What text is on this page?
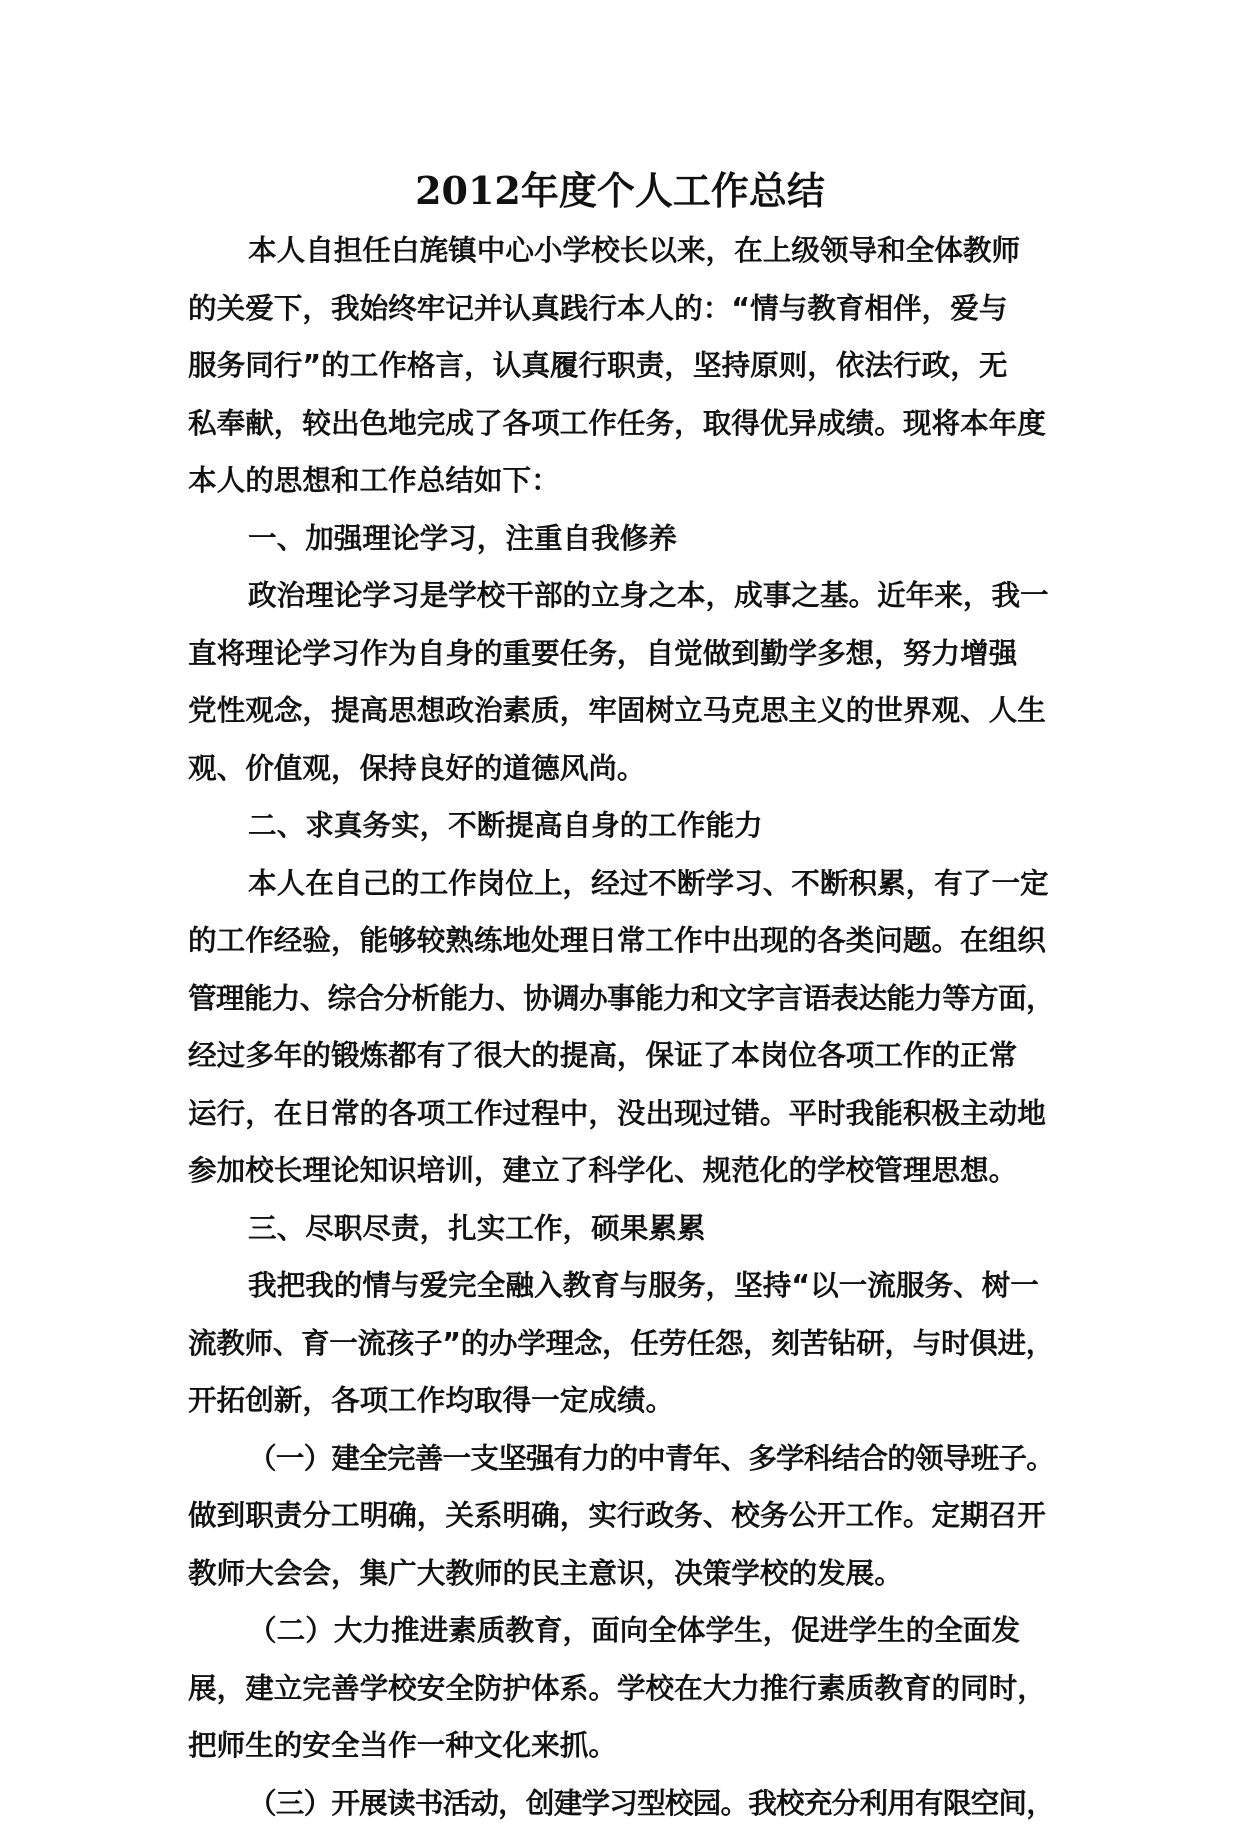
2012年度个人工作总结

本人自担任白旄镇中心小学校长以来，在上级领导和全体教师

的关爱下，我始终牢记并认真践行本人的：“情与教育相伴，爱与

服务同行”的工作格言，认真履行职责，坚持原则，依法行政，无

私奉献，较出色地完成了各项工作任务，取得优异成绩。现将本年度

本人的思想和工作总结如下：

一、加强理论学习，注重自我修养

政治理论学习是学校干部的立身之本，成事之基。近年来，我一

直将理论学习作为自身的重要任务，自觉做到勤学多想，努力增强

党性观念，提高思想政治素质，牢固树立马克思主义的世界观、人生

观、价值观，保持良好的道德风尚。

二、求真务实，不断提高自身的工作能力

本人在自己的工作岗位上，经过不断学习、不断积累，有了一定

的工作经验，能够较熟练地处理日常工作中出现的各类问题。在组织

管理能力、综合分析能力、协调办事能力和文字言语表达能力等方面，

经过多年的锻炼都有了很大的提高，保证了本岗位各项工作的正常

运行，在日常的各项工作过程中，没出现过错。平时我能积极主动地

参加校长理论知识培训，建立了科学化、规范化的学校管理思想。

三、尽职尽责，扎实工作，硕果累累

我把我的情与爱完全融入教育与服务，坚持“以一流服务、树一

流教师、育一流孩子”的办学理念，任劳任怨，刻苦钻研，与时俱进，

开拓创新，各项工作均取得一定成绩。

（一）建全完善一支坚强有力的中青年、多学科结合的领导班子。

做到职责分工明确，关系明确，实行政务、校务公开工作。定期召开

教师大会会，集广大教师的民主意识，决策学校的发展。

（二）大力推进素质教育，面向全体学生，促进学生的全面发

展，建立完善学校安全防护体系。学校在大力推行素质教育的同时，

把师生的安全当作一种文化来抓。

（三）开展读书活动，创建学习型校园。我校充分利用有限空间，
